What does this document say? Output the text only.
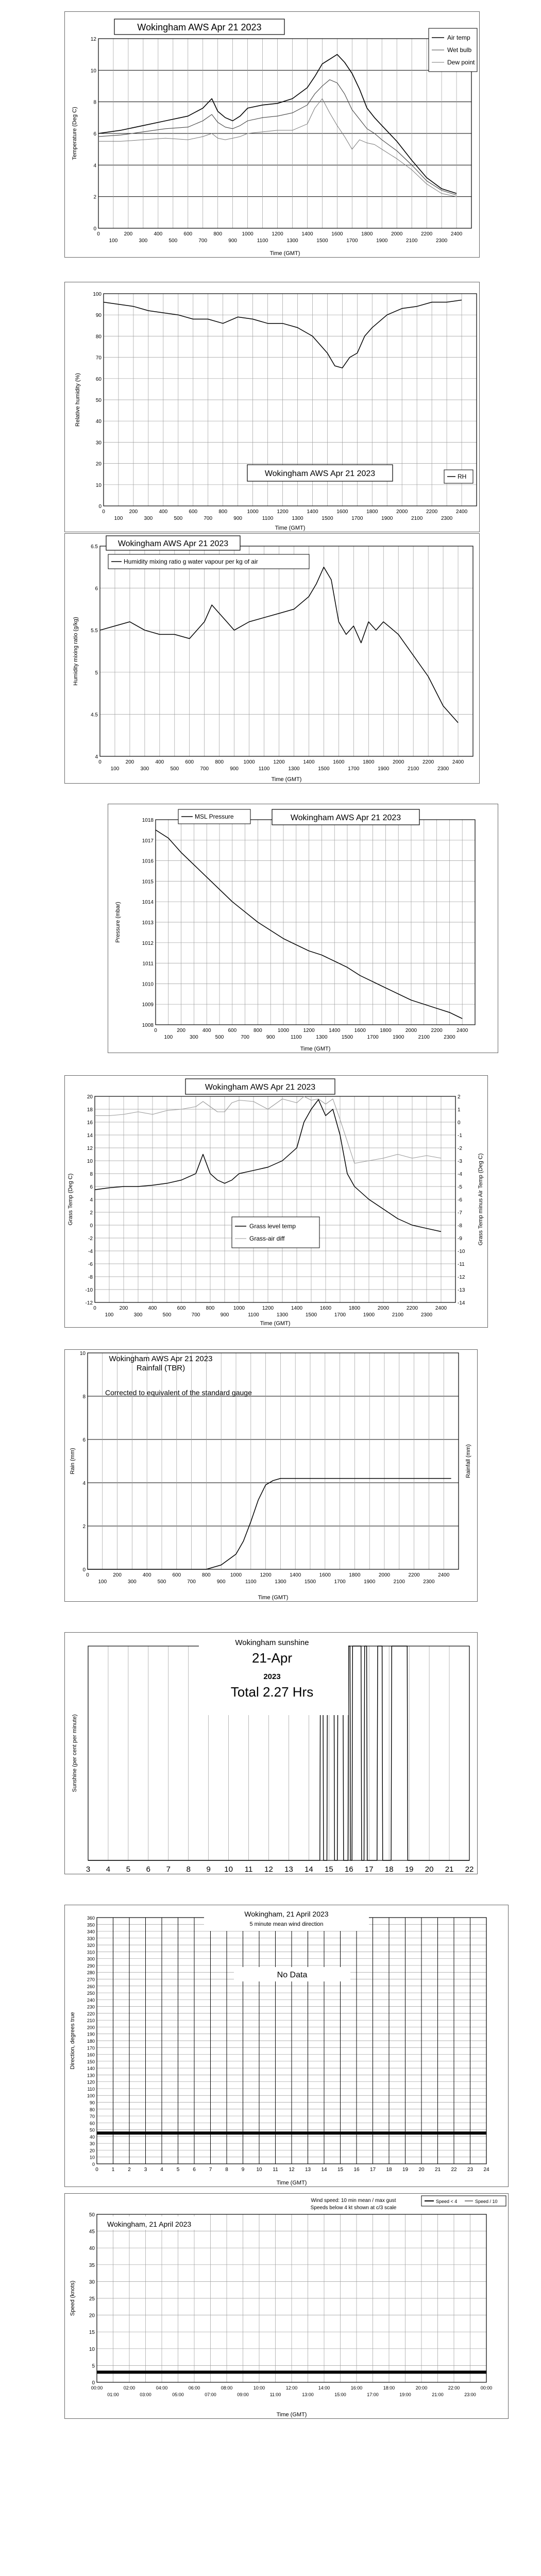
0
2
4
6
8
10
12
0	200	400	600	800	1000	1200	1400	1600	1800	2000	2200	2400
100	300	500	700	900	1100	1300	1500	1700	1900	2100	2300
Wokingham AWS Apr 21 2023
Time (GMT)
Temperature (Deg C)
Air temp
Wet bulb
Dew point
0
10
20
30
40
50
60
70
80
90
100
0	200	400	600	800	1000	1200	1400	1600	1800	2000	2200	2400
100	300	500	700	900	1100	1300	1500	1700	1900	2100	2300
Wokingham AWS Apr 21 2023	RH
Time (GMT)
Relative humidity (%)
4
4.5
5
5.5
6
6.5
0	200	400	600	800	1000	1200	1400	1600	1800	2000	2200	2400
100	300	500	700	900	1100	1300	1500	1700	1900	2100	2300
Wokingham AWS Apr 21 2023
Humidity mixing ratio g water vapour per kg of air
Time (GMT)
Humidity mixing ratio (g/kg)
1008
1009
1010
1011
1012
1013
1014
1015
1016
1017
1018
0	200	400	600	800	1000	1200	1400	1600	1800	2000	2200	2400
100	300	500	700	900	1100	1300	1500	1700	1900	2100	2300
MSL Pressure	Wokingham AWS Apr 21 2023
Time (GMT)
Pressure (mbar)
-12
-10
-8
-6
-4
-2
0
2
4
6
8
10
12
14
16
18
20
-14
-13
-12
-11
-10
-9
-8
-7
-6
-5
-4
-3
-2
-1
0
1
2
0	200	400	600	800	1000	1200	1400	1600	1800	2000	2200	2400
100	300	500	700	900	1100	1300	1500	1700	1900	2100	2300
Wokingham AWS Apr 21 2023
Grass level temp
Grass-air diff
Time (GMT)
Grass Temp (Deg C)	Grass Temp minus Air Temp (Deg C)
0
2
4
6
8
10
0	200	400	600	800	1000	1200	1400	1600	1800	2000	2200	2400
100	300	500	700	900	1100	1300	1500	1700	1900	2100	2300
Wokingham AWS Apr 21 2023
Rainfall (TBR)
Corrected to equivalent of the standard gauge
Time (GMT)
Rain (mm)	Rainfall (mm)
3 4 5 6 7 8 9 10 11 12 13 14 15 16 17 18 19 20 21 22
Wokingham sunshine
21-Apr
2023
Total 2.27 Hrs
Sunshine (per cent per minute)
0
10
20
30
40
50
60
70
80
90
100
110
120
130
140
150
160
170
180
190
200
210
220
230
240
250
260
270
280
290
300
310
320
330
340
350
360
0	1	2	3	4	5	6	7	8	9 10 11 12 13 14 15 16 17 18 19 20 21 22 23 24
Wokingham, 21 April 2023
5 minute mean wind direction
No Data
Time (GMT)
Direction, degrees true
0
5
10
15
20
25
30
35
40
45
50
00:00	02:00	04:00	06:00	08:00	10:00	12:00	14:00	16:00	18:00	20:00	22:00	00:00
01:00	03:00	05:00	07:00	09:00	11:00	13:00	15:00	17:00	19:00	21:00	23:00
Wokingham, 21 April 2023
Wind speed: 10 min mean / max gust
Speeds below 4 kt shown at c/3 scale
Speed < 4	Speed / 10
Time (GMT)
Speed (knots)
